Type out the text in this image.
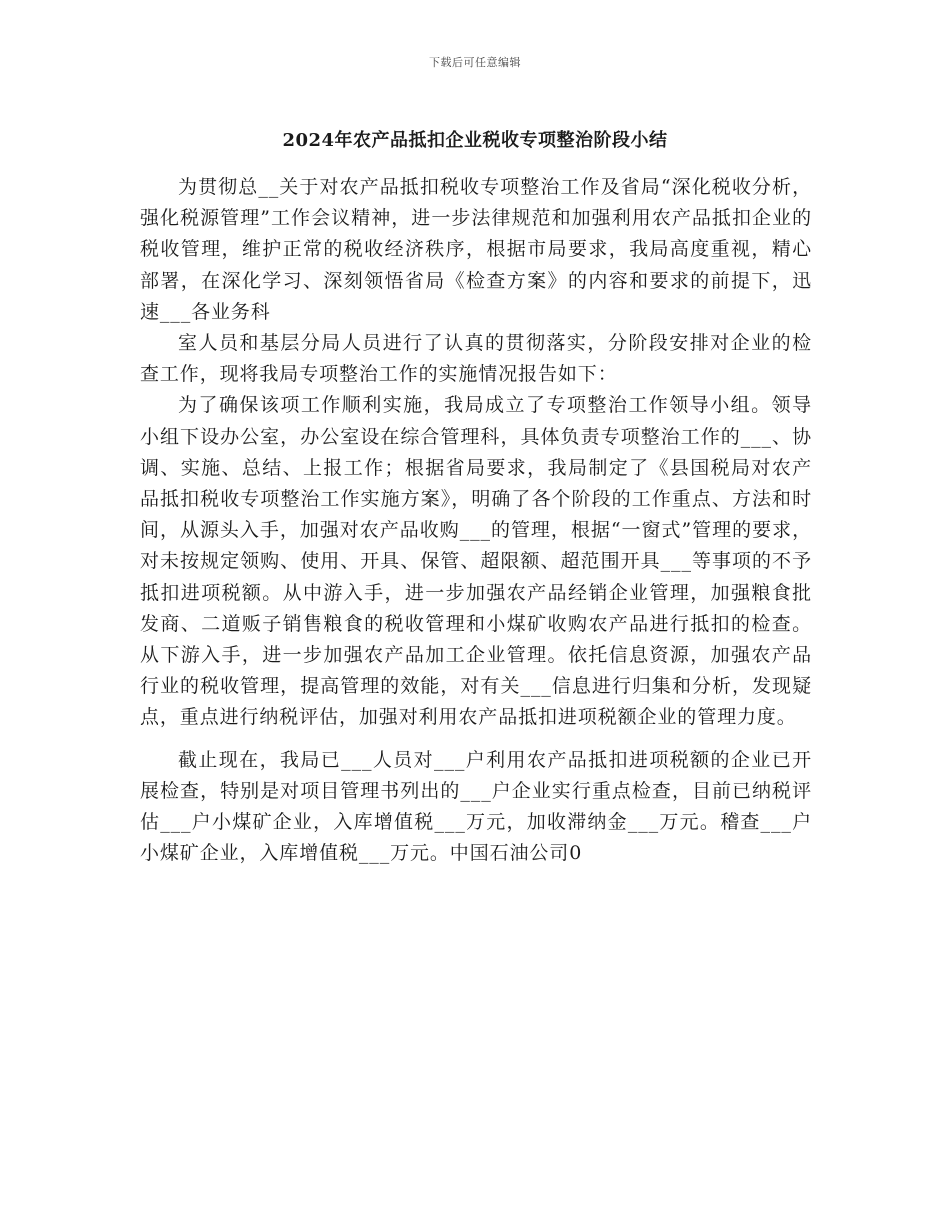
下载后可任意编辑
2024年农产品抵扣企业税收专项整治阶段小结

为贯彻总__关于对农产品抵扣税收专项整治工作及省局“深化税收分析，强化税源管理”工作会议精神，进一步法律规范和加强利用农产品抵扣企业的税收管理，维护正常的税收经济秩序，根据市局要求，我局高度重视，精心部署，在深化学习、深刻领悟省局《检查方案》的内容和要求的前提下，迅速___各业务科

室人员和基层分局人员进行了认真的贯彻落实，分阶段安排对企业的检查工作，现将我局专项整治工作的实施情况报告如下：

为了确保该项工作顺利实施，我局成立了专项整治工作领导小组。领导小组下设办公室，办公室设在综合管理科，具体负责专项整治工作的___、协调、实施、总结、上报工作；根据省局要求，我局制定了《县国税局对农产品抵扣税收专项整治工作实施方案》，明确了各个阶段的工作重点、方法和时间，从源头入手，加强对农产品收购___的管理，根据“一窗式”管理的要求，对未按规定领购、使用、开具、保管、超限额、超范围开具___等事项的不予抵扣进项税额。从中游入手，进一步加强农产品经销企业管理，加强粮食批发商、二道贩子销售粮食的税收管理和小煤矿收购农产品进行抵扣的检查。从下游入手，进一步加强农产品加工企业管理。依托信息资源，加强农产品行业的税收管理，提高管理的效能，对有关___信息进行归集和分析，发现疑点，重点进行纳税评估，加强对利用农产品抵扣进项税额企业的管理力度。

截止现在，我局已___人员对___户利用农产品抵扣进项税额的企业已开展检查，特别是对项目管理书列出的___户企业实行重点检查，目前已纳税评估___户小煤矿企业，入库增值税___万元，加收滞纳金___万元。稽查___户小煤矿企业，入库增值税___万元。中国石油公司0
